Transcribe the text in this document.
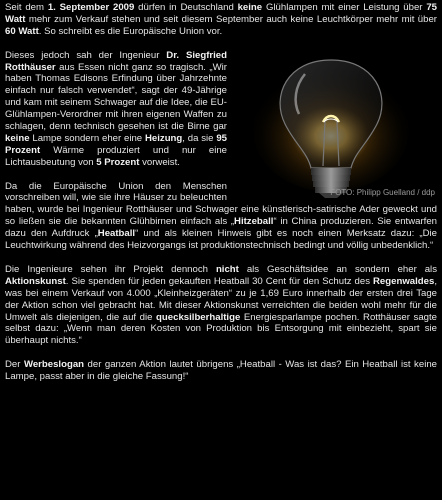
Seit dem 1. September 2009 dürfen in Deutschland keine Glühlampen mit einer Leistung über 75 Watt mehr zum Verkauf stehen und seit diesem September auch keine Leuchtkörper mehr mit über 60 Watt. So schreibt es die Europäische Union vor.

FOTO: Philipp Guelland / ddp
Dieses jedoch sah der Ingenieur Dr. Siegfried Rotthäuser aus Essen nicht ganz so tragisch. „Wir haben Thomas Edisons Erfindung über Jahrzehnte einfach nur falsch verwendet“, sagt der 49-Jährige und kam mit seinem Schwager auf die Idee, die EU-Glühlampen-Verordner mit ihren eigenen Waffen zu schlagen, denn technisch gesehen ist die Birne gar keine Lampe sondern eher eine Heizung, da sie 95 Prozent Wärme produziert und nur eine Lichtausbeutung von 5 Prozent vorweist.

Da die Europäische Union den Menschen vorschreiben will, wie sie ihre Häuser zu beleuchten haben, wurde bei Ingenieur Rotthäuser und Schwager eine künstlerisch-satirische Ader geweckt und so ließen sie die bekannten Glühbirnen einfach als „Hitzeball“ in China produzieren. Sie entwarfen dazu den Aufdruck „Heatball“ und als kleinen Hinweis gibt es noch einen Merksatz dazu: „Die Leuchtwirkung während des Heizvorgangs ist produktionstechnisch bedingt und völlig unbedenklich.“

Die Ingenieure sehen ihr Projekt dennoch nicht als Geschäftsidee an sondern eher als Aktionskunst. Sie spenden für jeden gekauften Heatball 30 Cent für den Schutz des Regenwaldes, was bei einem Verkauf von 4.000 „Kleinheizgeräten“ zu je 1,69 Euro innerhalb der ersten drei Tage der Aktion schon viel gebracht hat. Mit dieser Aktionskunst verreichten die beiden wohl mehr für die Umwelt als diejenigen, die auf die quecksilberhaltige Energiesparlampe pochen. Rotthäuser sagte selbst dazu: „Wenn man deren Kosten von Produktion bis Entsorgung mit einbezieht, spart sie überhaupt nichts.“

Der Werbeslogan der ganzen Aktion lautet übrigens „Heatball - Was ist das? Ein Heatball ist keine Lampe, passt aber in die gleiche Fassung!“
